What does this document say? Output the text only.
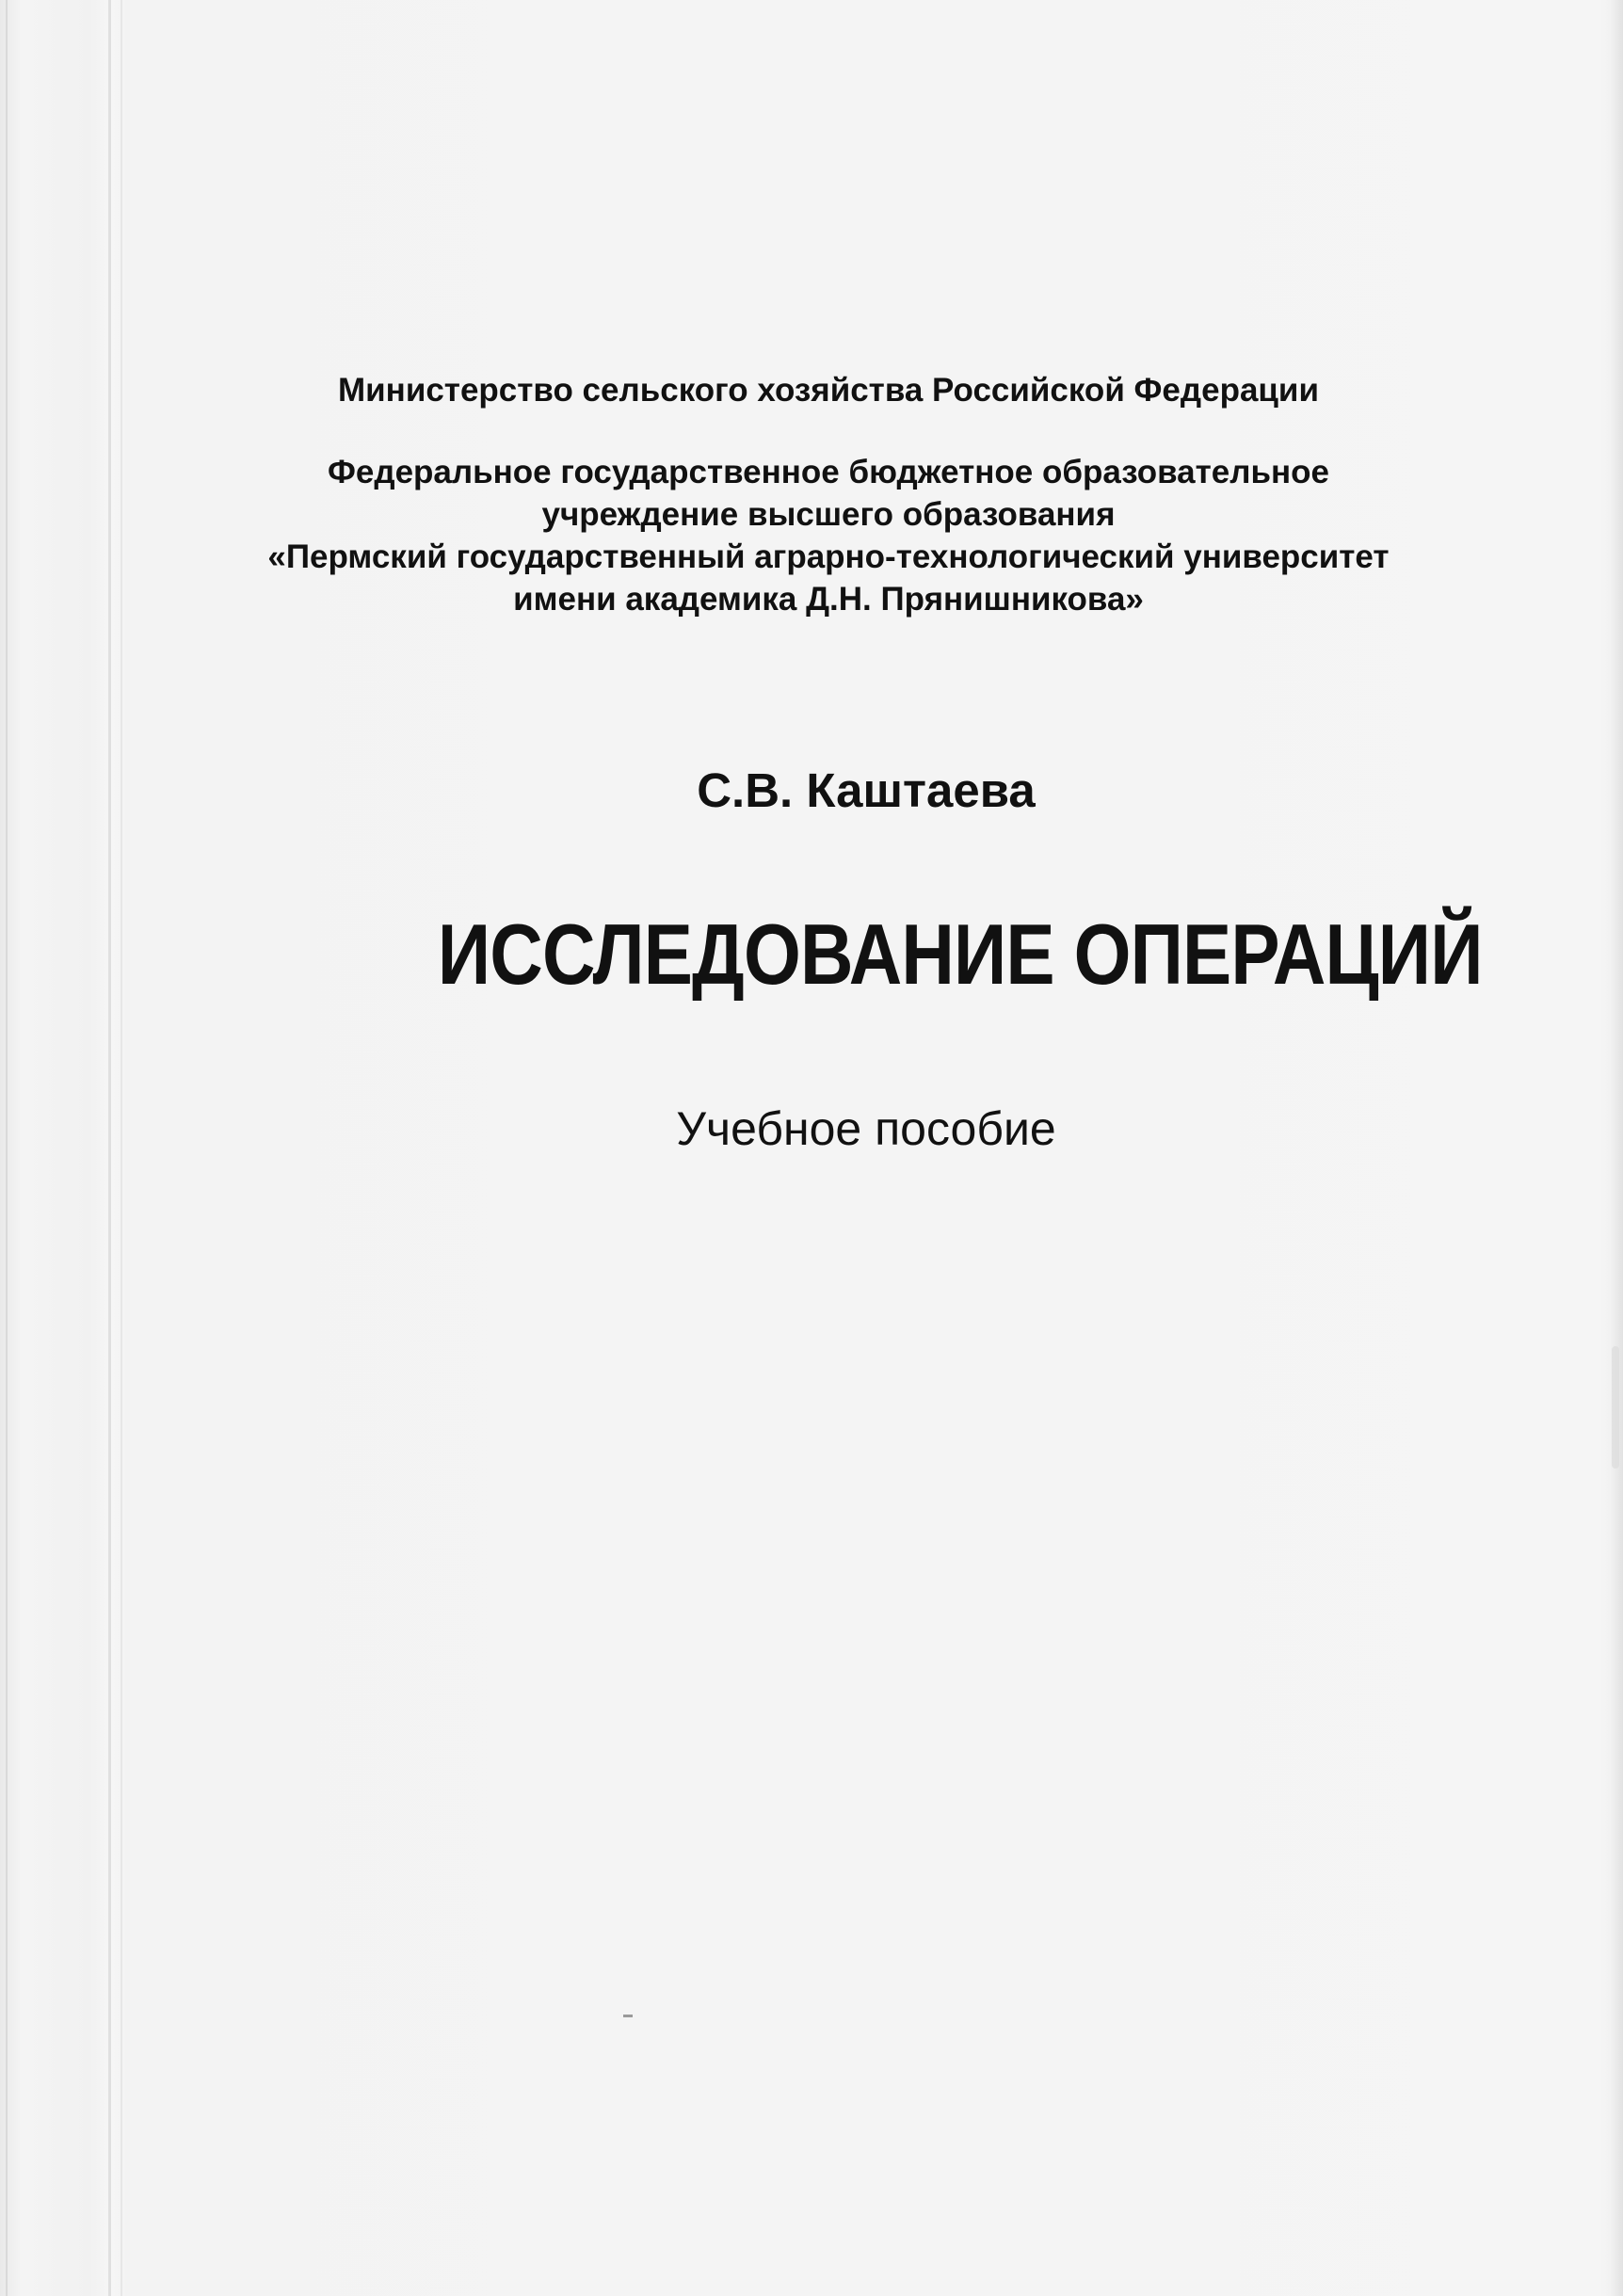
Министерство сельского хозяйства Российской Федерации

Федеральное государственное бюджетное образовательное
учреждение высшего образования
«Пермский государственный аграрно-технологический университет
имени академика Д.Н. Прянишникова»

С.В. Каштаева

ИССЛЕДОВАНИЕ ОПЕРАЦИЙ

Учебное пособие
